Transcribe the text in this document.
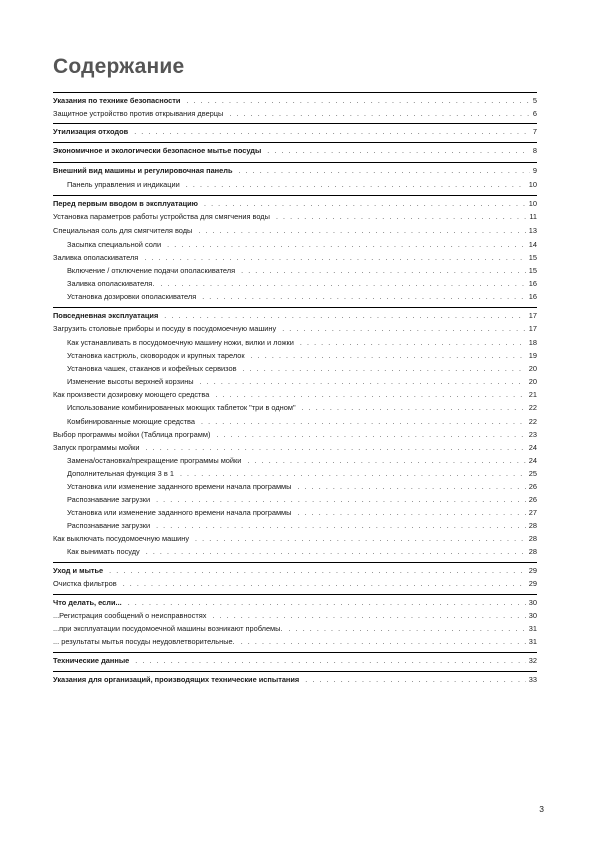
Содержание
Указания по технике безопасности . . .	5
Защитное устройство против открывания дверцы . . .	6
Утилизация отходов . . .	7
Экономичное и экологически безопасное мытье посуды . . .	8
Внешний вид машины и регулировочная панель . . .	9
Панель управления и индикации . . .	10
Перед первым вводом в эксплуатацию . . .	10
Установка параметров работы устройства для смягчения воды . . .	11
Специальная соль для смягчителя воды . . .	13
Засыпка специальной соли . . .	14
Заливка ополаскивателя . . .	15
Включение / отключение подачи ополаскивателя . . .	15
Заливка ополаскивателя. . . .	16
Установка дозировки ополаскивателя . . .	16
Повседневная эксплуатация . . .	17
Загрузить столовые приборы и посуду в посудомоечную машину . . .	17
Как устанавливать в посудомоечную машину ножи, вилки и ложки . . .	18
Установка кастрюль, сковородок и крупных тарелок . . .	19
Установка чашек, стаканов и кофейных сервизов . . .	20
Изменение высоты верхней корзины . . .	20
Как произвести дозировку моющего средства . . .	21
Использование комбинированных моющих таблеток "три в одном" . . .	22
Комбинированные моющие средства . . .	22
Выбор программы мойки (Таблица программ) . . .	23
Запуск программы мойки . . .	24
Замена/остановка/прекращение программы мойки . . .	24
Дополнительная функция 3 в 1 . . .	25
Установка или изменение заданного времени начала программы . . .	26
Распознавание загрузки . . .	26
Установка или изменение заданного времени начала программы . . .	27
Распознавание загрузки . . .	28
Как выключать посудомоечную машину . . .	28
Как вынимать посуду . . .	28
Уход и мытье . . .	29
Очистка фильтров . . .	29
Что делать, если... . . .	30
...Регистрация сообщений о неисправностях . . .	30
...при эксплуатации посудомоечной машины возникают проблемы. . . .	31
... результаты мытья посуды неудовлетворительные. . . .	31
Технические данные . . .	32
Указания для организаций, производящих технические испытания . . .	33
3
